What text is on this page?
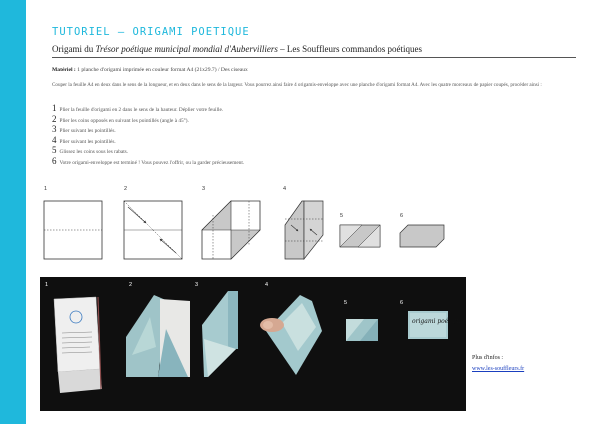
TUTORIEL – ORIGAMI POETIQUE
Origami du Trésor poétique municipal mondial d'Aubervilliers – Les Souffleurs commandos poétiques
Matériel : 1 planche d'origami imprimée en couleur format A4 (21x29.7) / Des ciseaux
Couper la feuille A4 en deux dans le sens de la longueur, et en deux dans le sens de la largeur. Vous pourrez ainsi faire 4 origamis-enveloppe avec une planche d'origami format A4. Avec les quatre morceaux de papier coupés, procéder ainsi :
1 Plier la feuille d'origami en 2 dans le sens de la hauteur. Déplier votre feuille.
2 Plier les coins opposés en suivant les pointillés (angle à 45°).
3 Plier suivant les pointillés.
4 Plier suivant les pointillés.
5 Glissez les coins sous les rabats.
6 Votre origami-enveloppe est terminé ! Vous pouvez l'offrir, ou la garder précieusement.
1	2	3	4
5	6
1	2	3	4
5	6
origami poétique
Plus d'infos :
www.les-souffleurs.fr
